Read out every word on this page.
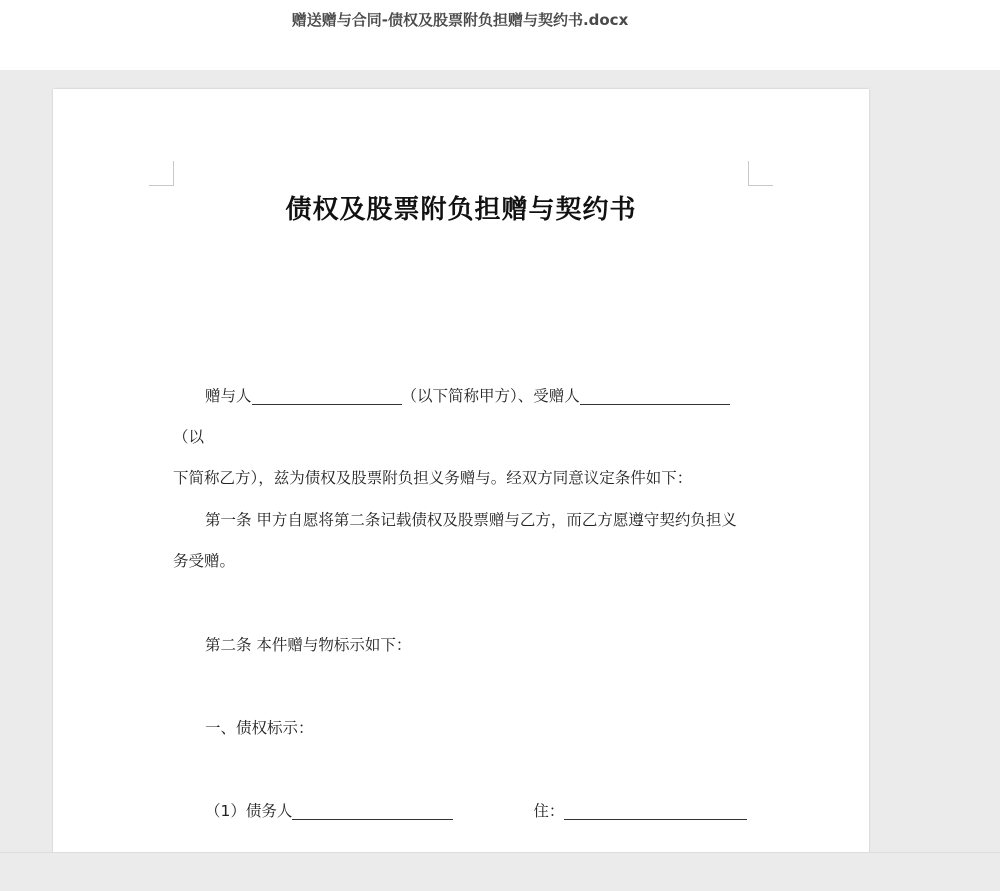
赠送赠与合同-债权及股票附负担赠与契约书.docx
债权及股票附负担赠与契约书
赠与人	（以下简称甲方）、受赠人（以
下简称乙方），兹为债权及股票附负担义务赠与。经双方同意议定条件如下：
第一条 甲方自愿将第二条记载债权及股票赠与乙方，而乙方愿遵守契约负担义
务受赠。
第二条 本件赠与物标示如下：
一、债权标示：
（1）债务人	住：
